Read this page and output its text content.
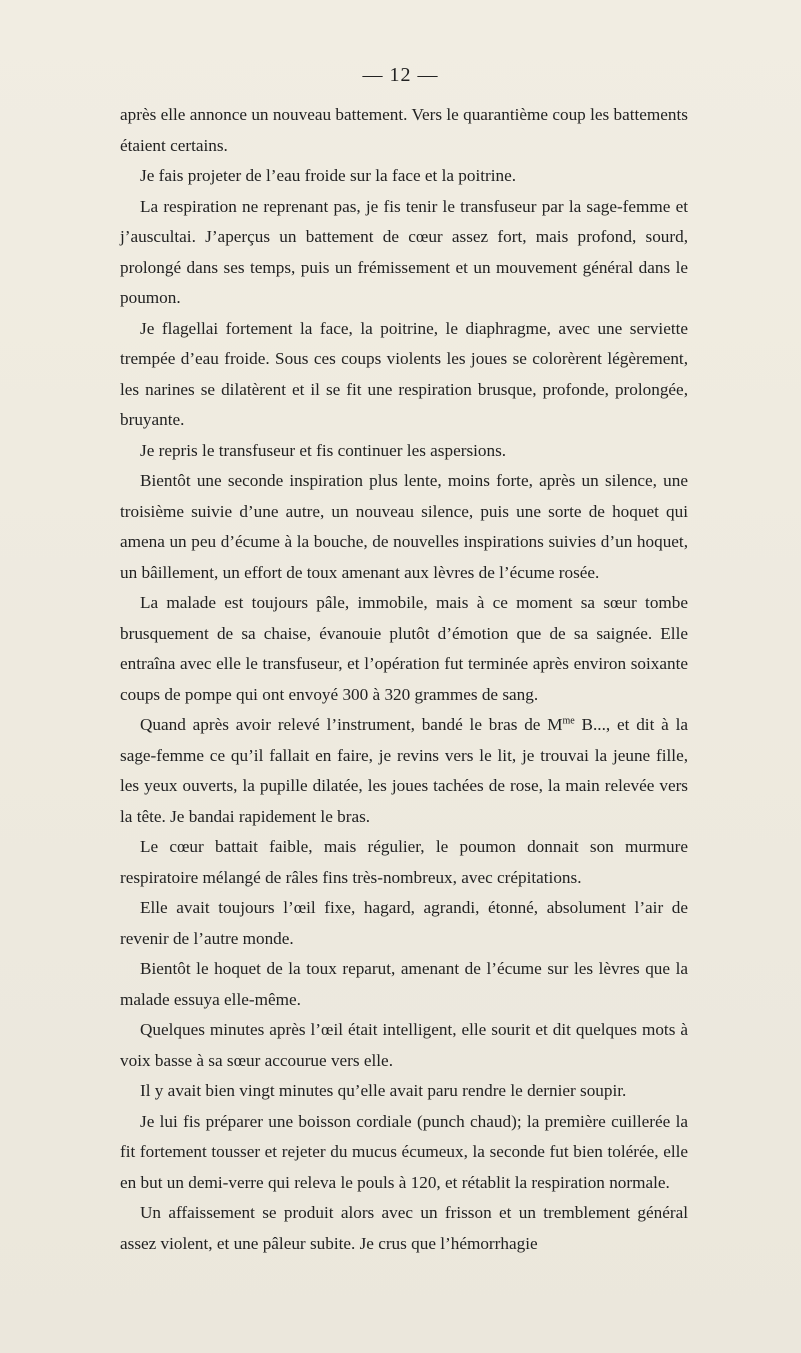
— 12 —

après elle annonce un nouveau battement. Vers le quarantième coup les battements étaient certains.

Je fais projeter de l’eau froide sur la face et la poitrine.

La respiration ne reprenant pas, je fis tenir le transfuseur par la sage-femme et j’auscultai. J’aperçus un battement de cœur assez fort, mais profond, sourd, prolongé dans ses temps, puis un frémissement et un mouvement général dans le poumon.

Je flagellai fortement la face, la poitrine, le diaphragme, avec une serviette trempée d’eau froide. Sous ces coups violents les joues se colorèrent légèrement, les narines se dilatèrent et il se fit une respiration brusque, profonde, prolongée, bruyante.

Je repris le transfuseur et fis continuer les aspersions.

Bientôt une seconde inspiration plus lente, moins forte, après un silence, une troisième suivie d’une autre, un nouveau silence, puis une sorte de hoquet qui amena un peu d’écume à la bouche, de nouvelles inspirations suivies d’un hoquet, un bâillement, un effort de toux amenant aux lèvres de l’écume rosée.

La malade est toujours pâle, immobile, mais à ce moment sa sœur tombe brusquement de sa chaise, évanouie plutôt d’émotion que de sa saignée. Elle entraîna avec elle le transfuseur, et l’opération fut terminée après environ soixante coups de pompe qui ont envoyé 300 à 320 grammes de sang.

Quand après avoir relevé l’instrument, bandé le bras de $M^{me}$ B..., et dit à la sage-femme ce qu’il fallait en faire, je revins vers le lit, je trouvai la jeune fille, les yeux ouverts, la pupille dilatée, les joues tachées de rose, la main relevée vers la tête. Je bandai rapidement le bras.

Le cœur battait faible, mais régulier, le poumon donnait son murmure respiratoire mélangé de râles fins très-nombreux, avec crépitations.

Elle avait toujours l’œil fixe, hagard, agrandi, étonné, absolument l’air de revenir de l’autre monde.

Bientôt le hoquet de la toux reparut, amenant de l’écume sur les lèvres que la malade essuya elle-même.

Quelques minutes après l’œil était intelligent, elle sourit et dit quelques mots à voix basse à sa sœur accourue vers elle.

Il y avait bien vingt minutes qu’elle avait paru rendre le dernier soupir.

Je lui fis préparer une boisson cordiale (punch chaud); la première cuillerée la fit fortement tousser et rejeter du mucus écumeux, la seconde fut bien tolérée, elle en but un demi-verre qui releva le pouls à 120, et rétablit la respiration normale.

Un affaissement se produit alors avec un frisson et un tremblement général assez violent, et une pâleur subite. Je crus que l’hémorrhagie
